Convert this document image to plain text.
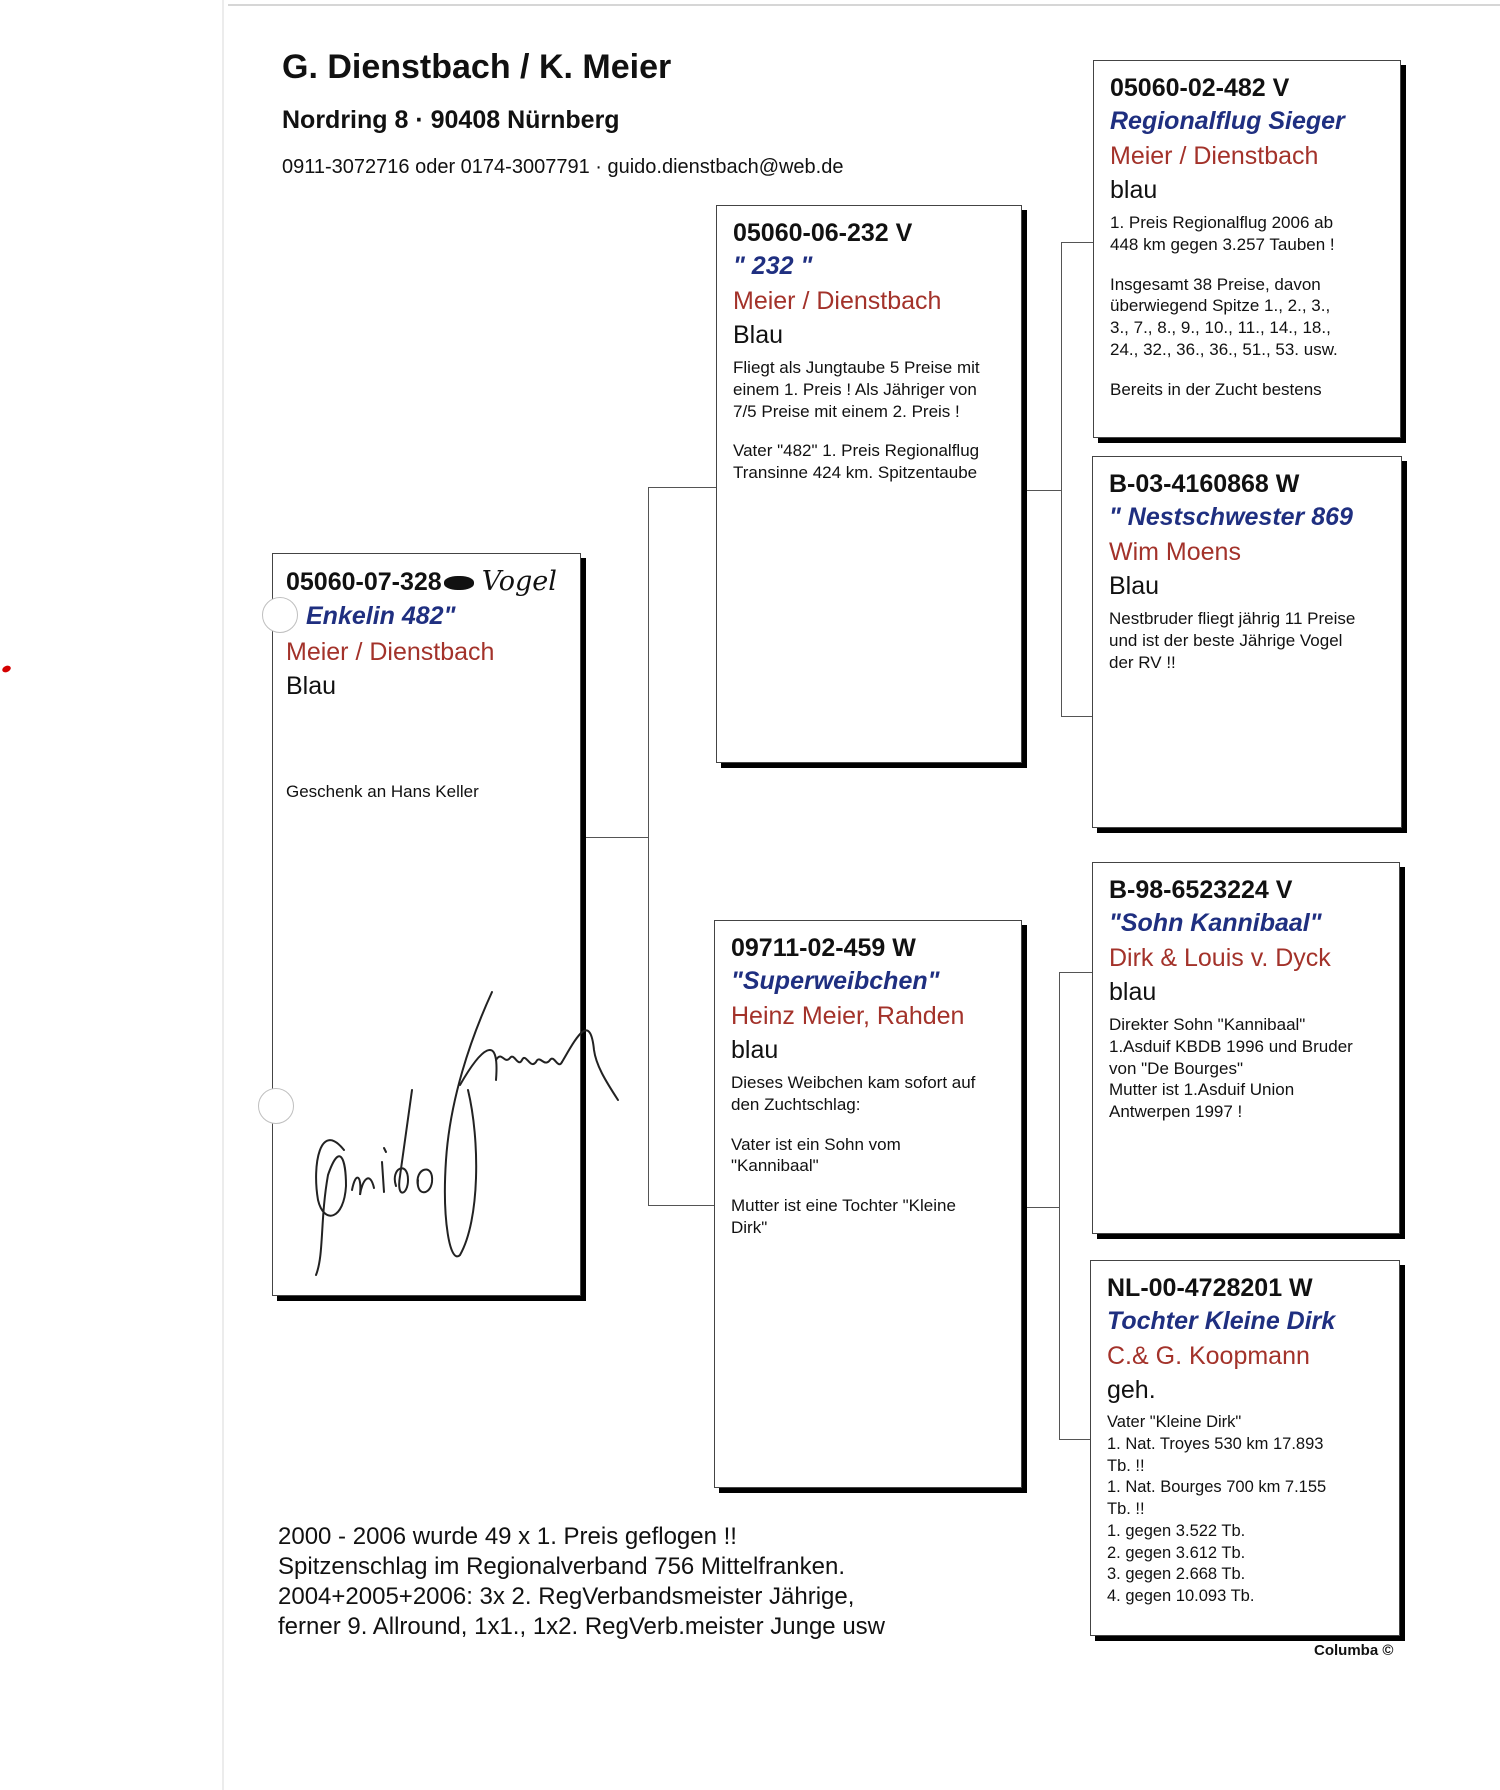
G. Dienstbach / K. Meier
Nordring 8 · 90408 Nürnberg
0911-3072716 oder 0174-3007791 · guido.dienstbach@web.de
05060-07-328 Vogel
Enkelin 482"
Meier / Dienstbach
Blau
Geschenk an Hans Keller
05060-06-232 V
" 232 "
Meier / Dienstbach
Blau
Fliegt als Jungtaube 5 Preise mit
einem 1. Preis ! Als Jähriger von
7/5 Preise mit einem 2. Preis !
Vater "482" 1. Preis Regionalflug
Transinne 424 km. Spitzentaube
09711-02-459 W
"Superweibchen"
Heinz Meier, Rahden
blau
Dieses Weibchen kam sofort auf
den Zuchtschlag:
Vater ist ein Sohn vom
"Kannibaal"
Mutter ist eine Tochter "Kleine
Dirk"
05060-02-482 V
Regionalflug Sieger
Meier / Dienstbach
blau
1. Preis Regionalflug 2006 ab
448 km gegen 3.257 Tauben !
Insgesamt 38 Preise, davon
überwiegend Spitze 1., 2., 3.,
3., 7., 8., 9., 10., 11., 14., 18.,
24., 32., 36., 36., 51., 53. usw.
Bereits in der Zucht bestens
B-03-4160868 W
" Nestschwester 869
Wim Moens
Blau
Nestbruder fliegt jährig 11 Preise
und ist der beste Jährige Vogel
der RV !!
B-98-6523224 V
"Sohn Kannibaal"
Dirk & Louis v. Dyck
blau
Direkter Sohn "Kannibaal"
1.Asduif KBDB 1996 und Bruder
von "De Bourges"
Mutter ist 1.Asduif Union
Antwerpen 1997 !
NL-00-4728201 W
Tochter Kleine Dirk
C.& G. Koopmann
geh.
Vater "Kleine Dirk"
1. Nat. Troyes 530 km 17.893
Tb. !!
1. Nat. Bourges 700 km 7.155
Tb. !!
1. gegen 3.522 Tb.
2. gegen 3.612 Tb.
3. gegen 2.668 Tb.
4. gegen 10.093 Tb.
2000 - 2006 wurde 49 x 1. Preis geflogen !!
Spitzenschlag im Regionalverband 756 Mittelfranken.
2004+2005+2006: 3x 2. RegVerbandsmeister Jährige,
ferner 9. Allround, 1x1., 1x2. RegVerb.meister Junge usw
Columba ©
